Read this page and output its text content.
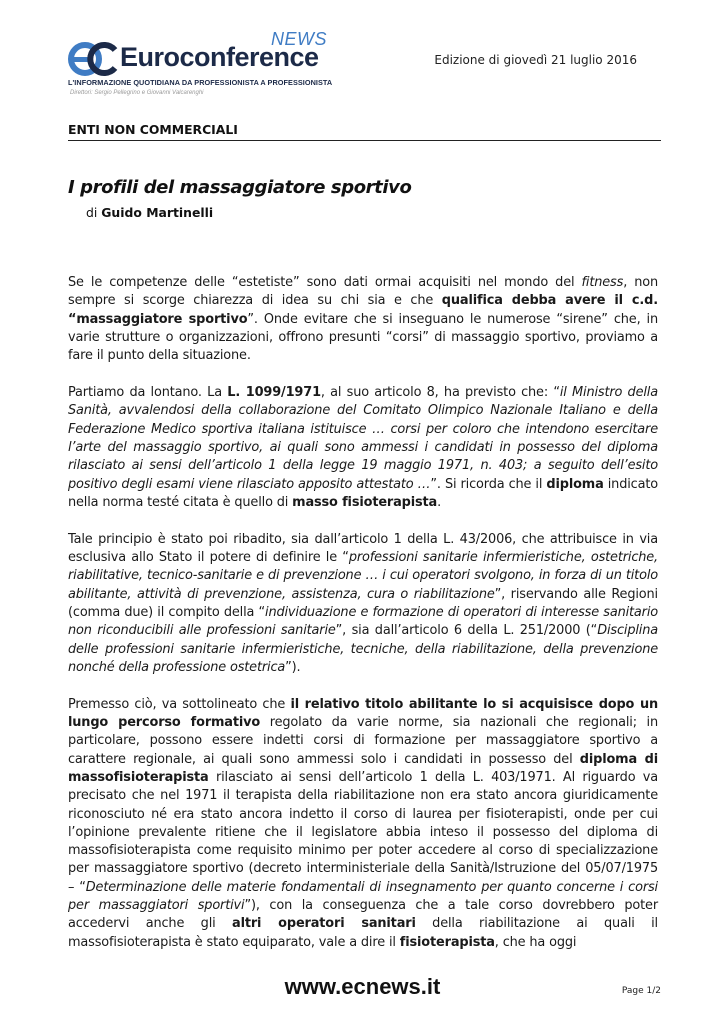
NEWS
Euroconference
L'INFORMAZIONE QUOTIDIANA DA PROFESSIONISTA A PROFESSIONISTA
Direttori: Sergio Pellegrino e Giovanni Valcarenghi
Edizione di giovedì 21 luglio 2016
ENTI NON COMMERCIALI
I profili del massaggiatore sportivo
di Guido Martinelli

Se le competenze delle “estetiste” sono dati ormai acquisiti nel mondo del fitness, non sempre si scorge chiarezza di idea su chi sia e che qualifica debba avere il c.d. “massaggiatore sportivo”. Onde evitare che si inseguano le numerose “sirene” che, in varie strutture o organizzazioni, offrono presunti “corsi” di massaggio sportivo, proviamo a fare il punto della situazione.

Partiamo da lontano. La L. 1099/1971, al suo articolo 8, ha previsto che: “il Ministro della Sanità, avvalendosi della collaborazione del Comitato Olimpico Nazionale Italiano e della Federazione Medico sportiva italiana istituisce … corsi per coloro che intendono esercitare l’arte del massaggio sportivo, ai quali sono ammessi i candidati in possesso del diploma rilasciato ai sensi dell’articolo 1 della legge 19 maggio 1971, n. 403; a seguito dell’esito positivo degli esami viene rilasciato apposito attestato …”. Si ricorda che il diploma indicato nella norma testé citata è quello di masso fisioterapista.

Tale principio è stato poi ribadito, sia dall’articolo 1 della L. 43/2006, che attribuisce in via esclusiva allo Stato il potere di definire le “professioni sanitarie infermieristiche, ostetriche, riabilitative, tecnico-sanitarie e di prevenzione … i cui operatori svolgono, in forza di un titolo abilitante, attività di prevenzione, assistenza, cura o riabilitazione”, riservando alle Regioni (comma due) il compito della “individuazione e formazione di operatori di interesse sanitario non riconducibili alle professioni sanitarie”, sia dall’articolo 6 della L. 251/2000 (“Disciplina delle professioni sanitarie infermieristiche, tecniche, della riabilitazione, della prevenzione nonché della professione ostetrica”).

Premesso ciò, va sottolineato che il relativo titolo abilitante lo si acquisisce dopo un lungo percorso formativo regolato da varie norme, sia nazionali che regionali; in particolare, possono essere indetti corsi di formazione per massaggiatore sportivo a carattere regionale, ai quali sono ammessi solo i candidati in possesso del diploma di massofisioterapista rilasciato ai sensi dell’articolo 1 della L. 403/1971. Al riguardo va precisato che nel 1971 il terapista della riabilitazione non era stato ancora giuridicamente riconosciuto né era stato ancora indetto il corso di laurea per fisioterapisti, onde per cui l’opinione prevalente ritiene che il legislatore abbia inteso il possesso del diploma di massofisioterapista come requisito minimo per poter accedere al corso di specializzazione per massaggiatore sportivo (decreto interministeriale della Sanità/Istruzione del 05/07/1975 – “Determinazione delle materie fondamentali di insegnamento per quanto concerne i corsi per massaggiatori sportivi”), con la conseguenza che a tale corso dovrebbero poter accedervi anche gli altri operatori sanitari della riabilitazione ai quali il massofisioterapista è stato equiparato, vale a dire il fisioterapista, che ha oggi

www.ecnews.it	Page 1/2
